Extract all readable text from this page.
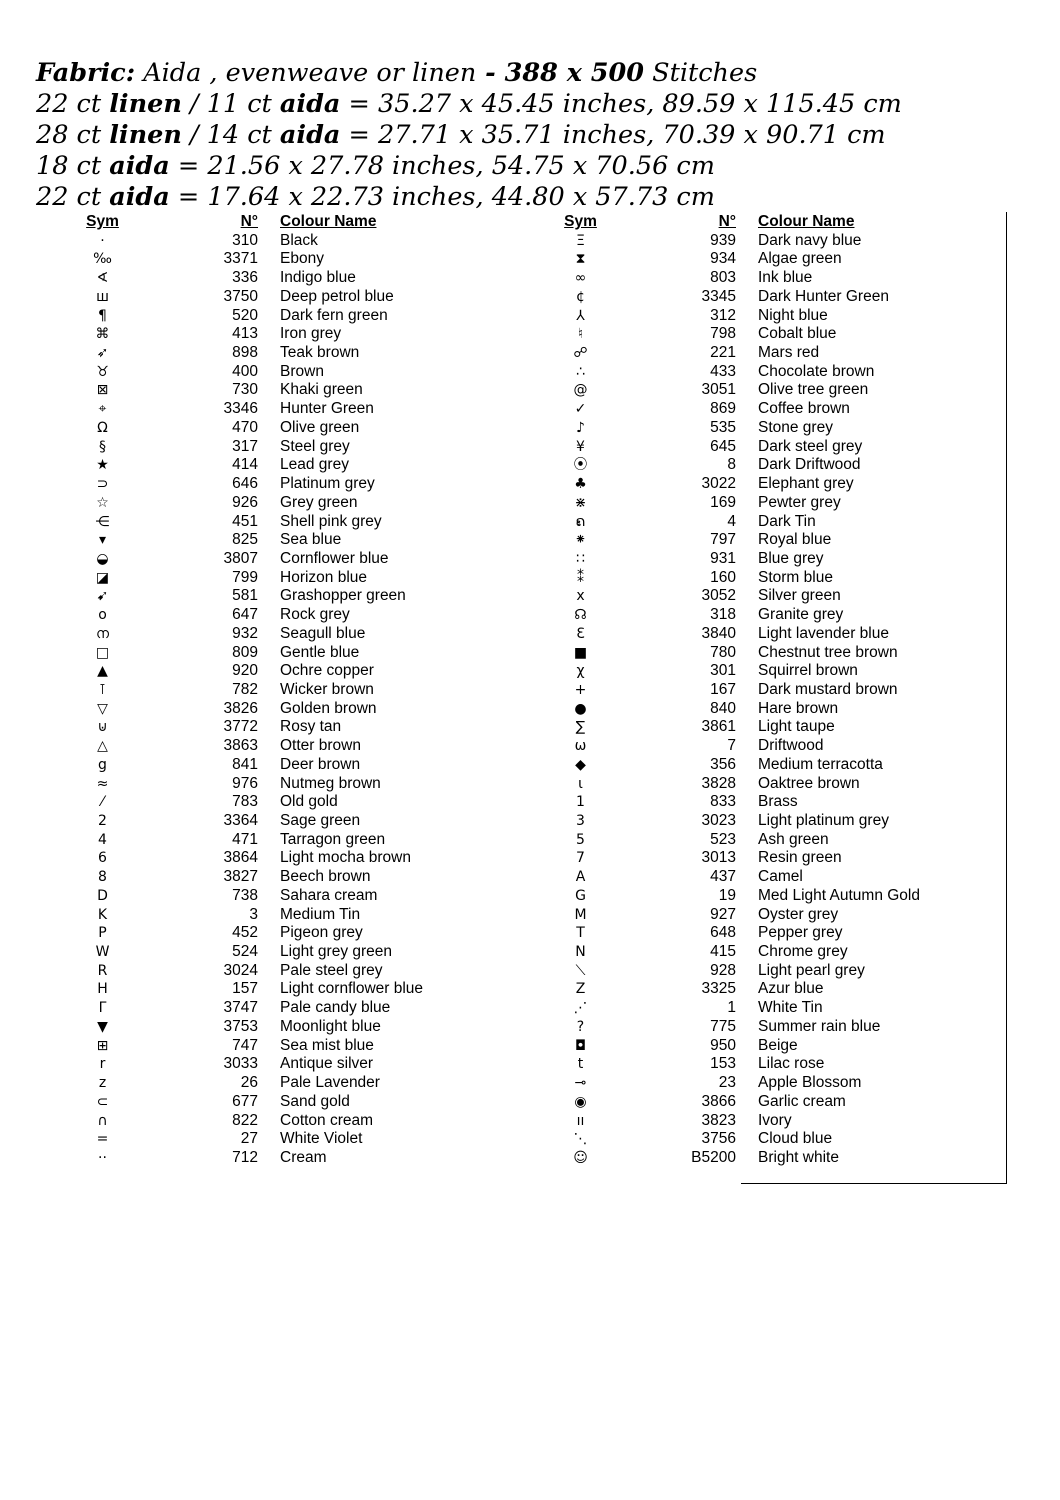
Fabric: Aida , evenweave or linen - 388 x 500 Stitches
22 ct linen / 11 ct aida = 35.27 x 45.45 inches, 89.59 x 115.45 cm
28 ct linen / 14 ct aida = 27.71 x 35.71 inches, 70.39 x 90.71 cm
18 ct aida = 21.56 x 27.78 inches, 54.75 x 70.56 cm
22 ct aida = 17.64 x 22.73 inches, 44.80 x 57.73 cm
Sym	N° Colour Name
·	310 Black
‰	3371 Ebony
∢	336 Indigo blue
ш	3750 Deep petrol blue
¶	520 Dark fern green
⌘	413 Iron grey
➶	898 Teak brown
♉	400 Brown
⊠	730 Khaki green
⌖	3346 Hunter Green
Ω	470 Olive green
§	317 Steel grey
★	414 Lead grey
⊃	646 Platinum grey
☆	926 Grey green
⋲	451 Shell pink grey
▾	825 Sea blue
◒	3807 Cornflower blue
◪	799 Horizon blue
➹	581 Grashopper green
o	647 Rock grey
ന	932 Seagull blue
□	809 Gentle blue
▲	920 Ochre copper
⊺	782 Wicker brown
▽	3826 Golden brown
⊍	3772 Rosy tan
△	3863 Otter brown
g	841 Deer brown
≈	976 Nutmeg brown
⁄	783 Old gold
2	3364 Sage green
4	471 Tarragon green
6	3864 Light mocha brown
8	3827 Beech brown
D	738 Sahara cream
K	3 Medium Tin
P	452 Pigeon grey
W	524 Light grey green
R	3024 Pale steel grey
H	157 Light cornflower blue
Γ	3747 Pale candy blue
▼	3753 Moonlight blue
⊞	747 Sea mist blue
r	3033 Antique silver
z	26 Pale Lavender
⊂	677 Sand gold
∩	822 Cotton cream
=	27 White Violet
··	712 Cream
Sym	N° Colour Name
Ξ	939 Dark navy blue
⧗	934 Algae green
∞	803 Ink blue
¢	3345 Dark Hunter Green
⅄	312 Night blue
♮	798 Cobalt blue
☍	221 Mars red
∴	433 Chocolate brown
@	3051 Olive tree green
✓	869 Coffee brown
♪	535 Stone grey
¥	645 Dark steel grey
⦿	8 Dark Driftwood
♣	3022 Elephant grey
⋇	169 Pewter grey
ຄ	4 Dark Tin
⁕	797 Royal blue
∷	931 Blue grey
⁑	160 Storm blue
x	3052 Silver green
☊	318 Granite grey
Ɛ	3840 Light lavender blue
■	780 Chestnut tree brown
χ	301 Squirrel brown
+	167 Dark mustard brown
●	840 Hare brown
∑	3861 Light taupe
ω	7 Driftwood
◆	356 Medium terracotta
ɩ	3828 Oaktree brown
1	833 Brass
3	3023 Light platinum grey
5	523 Ash green
7	3013 Resin green
A	437 Camel
G	19 Med Light Autumn Gold
M	927 Oyster grey
T	648 Pepper grey
N	415 Chrome grey
⟍	928 Light pearl grey
Z	3325 Azur blue
⋰	1 White Tin
?	775 Summer rain blue
◘	950 Beige
t	153 Lilac rose
⊸	23 Apple Blossom
◉	3866 Garlic cream
ıı	3823 Ivory
⋱	3756 Cloud blue
☺	B5200 Bright white
